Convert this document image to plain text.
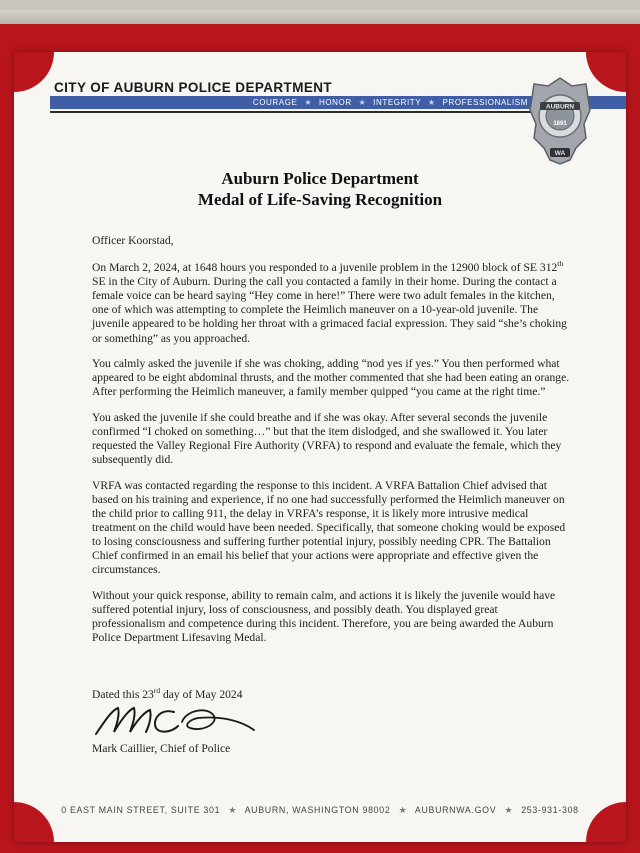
CITY OF AUBURN POLICE DEPARTMENT
COURAGE ★ HONOR ★ INTEGRITY ★ PROFESSIONALISM	AUBURN
1891
WA
Auburn Police Department
Medal of Life-Saving Recognition

Officer Koorstad,

On March 2, 2024, at 1648 hours you responded to a juvenile problem in the 12900 block of SE 312th SE in the City of Auburn. During the call you contacted a family in their home. During the contact a female voice can be heard saying “Hey come in here!” There were two adult females in the kitchen, one of which was attempting to complete the Heimlich maneuver on a 10-year-old juvenile. The juvenile appeared to be holding her throat with a grimaced facial expression. They said “she’s choking or something” as you approached.

You calmly asked the juvenile if she was choking, adding “nod yes if yes.” You then performed what appeared to be eight abdominal thrusts, and the mother commented that she had been eating an orange. After performing the Heimlich maneuver, a family member quipped “you came at the right time.”

You asked the juvenile if she could breathe and if she was okay. After several seconds the juvenile confirmed “I choked on something…” but that the item dislodged, and she swallowed it. You later requested the Valley Regional Fire Authority (VRFA) to respond and evaluate the female, which they subsequently did.

VRFA was contacted regarding the response to this incident. A VRFA Battalion Chief advised that based on his training and experience, if no one had successfully performed the Heimlich maneuver on the child prior to calling 911, the delay in VRFA’s response, it is likely more intrusive medical treatment on the child would have been needed. Specifically, that someone choking would be exposed to losing consciousness and suffering further potential injury, possibly needing CPR. The Battalion Chief confirmed in an email his belief that your actions were appropriate and effective given the circumstances.

Without your quick response, ability to remain calm, and actions it is likely the juvenile would have suffered potential injury, loss of consciousness, and possibly death. You displayed great professionalism and competence during this incident. Therefore, you are being awarded the Auburn Police Department Lifesaving Medal.

Dated this 23rd day of May 2024
Mark Caillier, Chief of Police
0 EAST MAIN STREET, SUITE 301 ★ AUBURN, WASHINGTON 98002 ★ AUBURNWA.GOV ★ 253-931-308
